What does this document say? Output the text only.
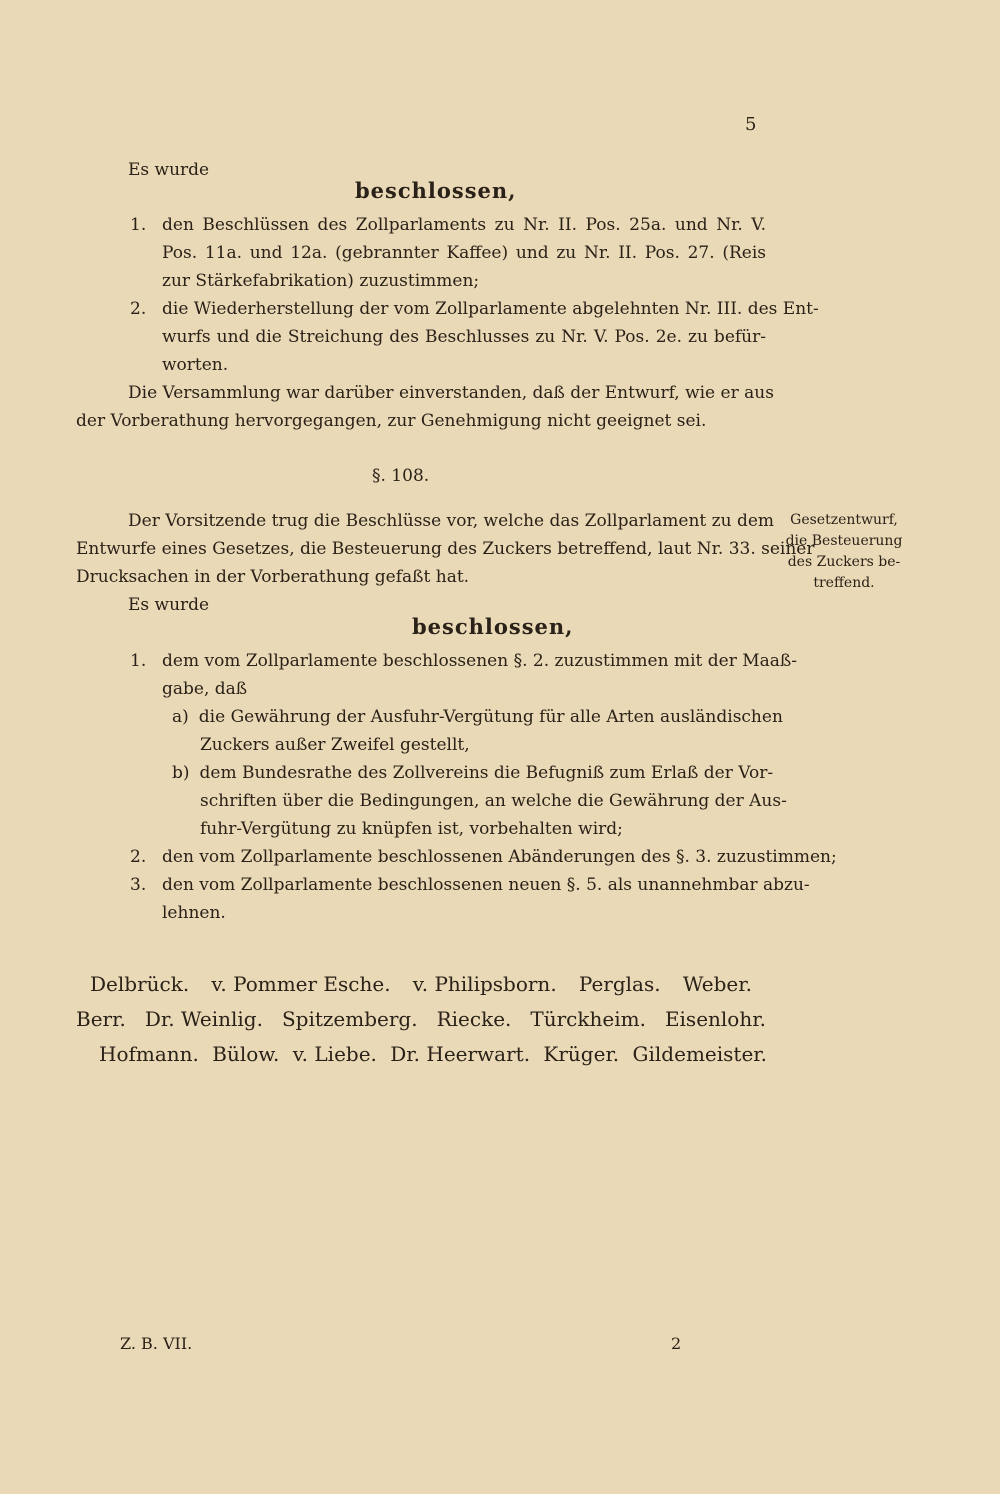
5
Es wurde
beschlossen,
1. den Beschlüssen des Zollparlaments zu Nr. II. Pos. 25a. und Nr. V.
Pos. 11a. und 12a. (gebrannter Kaffee) und zu Nr. II. Pos. 27. (Reis
zur Stärkefabrikation) zuzustimmen;
2. die Wiederherstellung der vom Zollparlamente abgelehnten Nr. III. des Ent-
wurfs und die Streichung des Beschlusses zu Nr. V. Pos. 2e. zu befür-
worten.
Die Versammlung war darüber einverstanden, daß der Entwurf, wie er aus
der Vorberathung hervorgegangen, zur Genehmigung nicht geeignet sei.
§. 108.
Der Vorsitzende trug die Beschlüsse vor, welche das Zollparlament zu dem
Entwurfe eines Gesetzes, die Besteuerung des Zuckers betreffend, laut Nr. 33. seiner
Drucksachen in der Vorberathung gefaßt hat.
Gesetzentwurf,
die Besteuerung
des Zuckers be-
treffend.
Es wurde
beschlossen,
1. dem vom Zollparlamente beschlossenen §. 2. zuzustimmen mit der Maaß-
gabe, daß
a) die Gewährung der Ausfuhr-Vergütung für alle Arten ausländischen
Zuckers außer Zweifel gestellt,
b) dem Bundesrathe des Zollvereins die Befugniß zum Erlaß der Vor-
schriften über die Bedingungen, an welche die Gewährung der Aus-
fuhr-Vergütung zu knüpfen ist, vorbehalten wird;
2. den vom Zollparlamente beschlossenen Abänderungen des §. 3. zuzustimmen;
3. den vom Zollparlamente beschlossenen neuen §. 5. als unannehmbar abzu-
lehnen.
Delbrück. v. Pommer Esche. v. Philipsborn. Perglas. Weber.
Berr. Dr. Weinlig. Spitzemberg. Riecke. Türckheim. Eisenlohr.
Hofmann. Bülow. v. Liebe. Dr. Heerwart. Krüger. Gildemeister.
Z. B. VII.	2
